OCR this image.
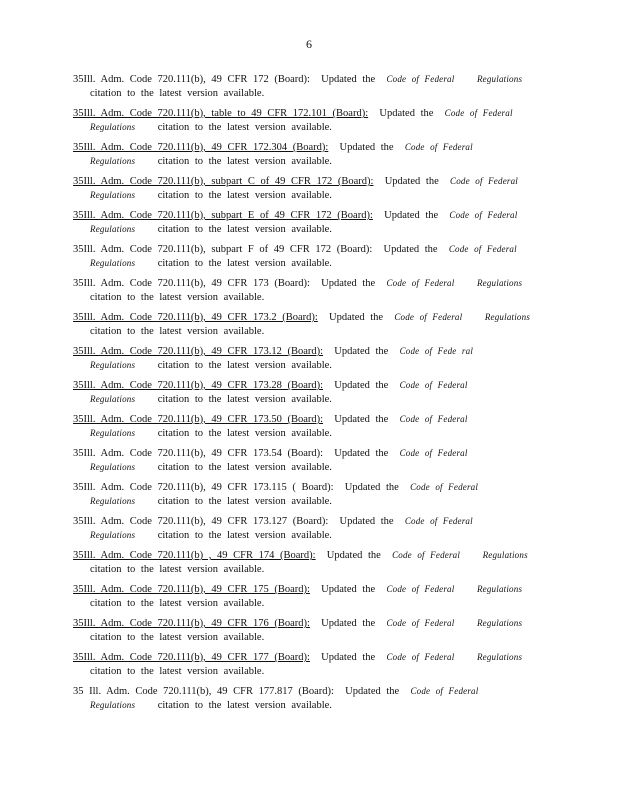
6
35Ill. Adm. Code 720.111(b), 49 CFR 172 (Board): Updated the Code of Federal	Regulations
citation to the latest version available.
35Ill. Adm. Code 720.111(b), table to 49 CFR 172.101 (Board): Updated the Code of Federal
Regulations citation to the latest version available.
35Ill. Adm. Code 720.111(b), 49 CFR 172.304 (Board): Updated the Code of Federal
Regulations citation to the latest version available.
35Ill. Adm. Code 720.111(b), subpart C of 49 CFR 172 (Board): Updated the Code of Federal
Regulations citation to the latest version available.
35Ill. Adm. Code 720.111(b), subpart E of 49 CFR 172 (Board): Updated the Code of Federal
Regulations citation to the latest version available.
35Ill. Adm. Code 720.111(b), subpart F of 49 CFR 172 (Board): Updated the Code of Federal
Regulations citation to the latest version available.
35Ill. Adm. Code 720.111(b), 49 CFR 173 (Board): Updated the Code of Federal	Regulations
citation to the latest version available.
35Ill. Adm. Code 720.111(b), 49 CFR 173.2 (Board): Updated the Code of Federal	Regulations
citation to the latest version available.
35Ill. Adm. Code 720.111(b), 49 CFR 173.12 (Board): Updated the Code of Fede ral
Regulations citation to the latest version available.
35Ill. Adm. Code 720.111(b), 49 CFR 173.28 (Board): Updated the Code of Federal
Regulations citation to the latest version available.
35Ill. Adm. Code 720.111(b), 49 CFR 173.50 (Board): Updated the Code of Federal
Regulations citation to the latest version available.
35Ill. Adm. Code 720.111(b), 49 CFR 173.54 (Board): Updated the Code of Federal
Regulations citation to the latest version available.
35Ill. Adm. Code 720.111(b), 49 CFR 173.115 ( Board): Updated the Code of Federal
Regulations citation to the latest version available.
35Ill. Adm. Code 720.111(b), 49 CFR 173.127 (Board): Updated the Code of Federal
Regulations citation to the latest version available.
35Ill. Adm. Code 720.111(b) , 49 CFR 174 (Board): Updated the Code of Federal	Regulations
citation to the latest version available.
35Ill. Adm. Code 720.111(b), 49 CFR 175 (Board): Updated the Code of Federal	Regulations
citation to the latest version available.
35Ill. Adm. Code 720.111(b), 49 CFR 176 (Board): Updated the Code of Federal	Regulations
citation to the latest version available.
35Ill. Adm. Code 720.111(b), 49 CFR 177 (Board): Updated the Code of Federal	Regulations
citation to the latest version available.
35 Ill. Adm. Code 720.111(b), 49 CFR 177.817 (Board): Updated the Code of Federal
Regulations citation to the latest version available.
